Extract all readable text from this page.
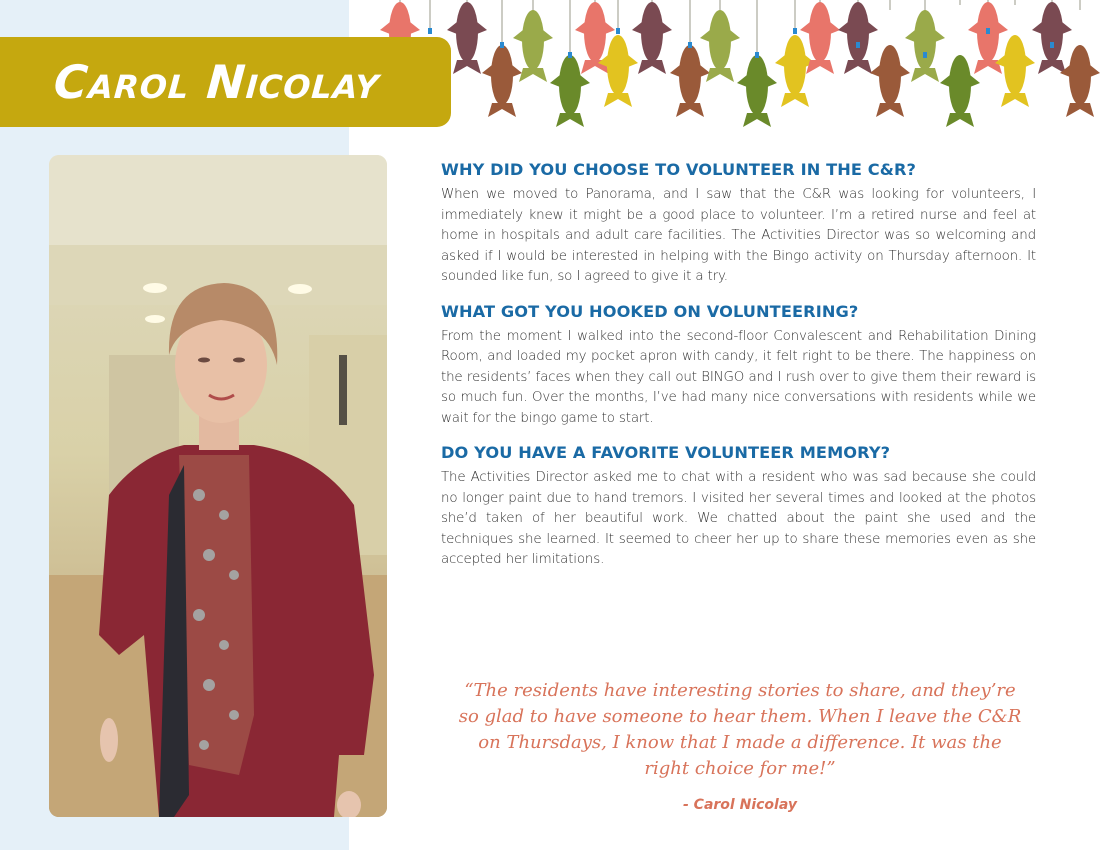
Carol Nicolay
WHY DID YOU CHOOSE TO VOLUNTEER IN THE C&R?

When we moved to Panorama, and I saw that the C&R was looking for volunteers, I immediately knew it might be a good place to volunteer. I’m a retired nurse and feel at home in hospitals and adult care facilities. The Activities Director was so welcoming and asked if I would be interested in helping with the Bingo activity on Thursday afternoon. It sounded like fun, so I agreed to give it a try.

WHAT GOT YOU HOOKED ON VOLUNTEERING?

From the moment I walked into the second-floor Convalescent and Rehabilitation Dining Room, and loaded my pocket apron with candy, it felt right to be there. The happiness on the residents’ faces when they call out BINGO and I rush over to give them their reward is so much fun. Over the months, I’ve had many nice conversations with residents while we wait for the bingo game to start.

DO YOU HAVE A FAVORITE VOLUNTEER MEMORY?

The Activities Director asked me to chat with a resident who was sad because she could no longer paint due to hand tremors. I visited her several times and looked at the photos she’d taken of her beautiful work. We chatted about the paint she used and the techniques she learned. It seemed to cheer her up to share these memories even as she accepted her limitations.

“The residents have interesting stories to share, and they’re so glad to have someone to hear them. When I leave the C&R on Thursdays, I know that I made a difference. It was the right choice for me!”
- Carol Nicolay
